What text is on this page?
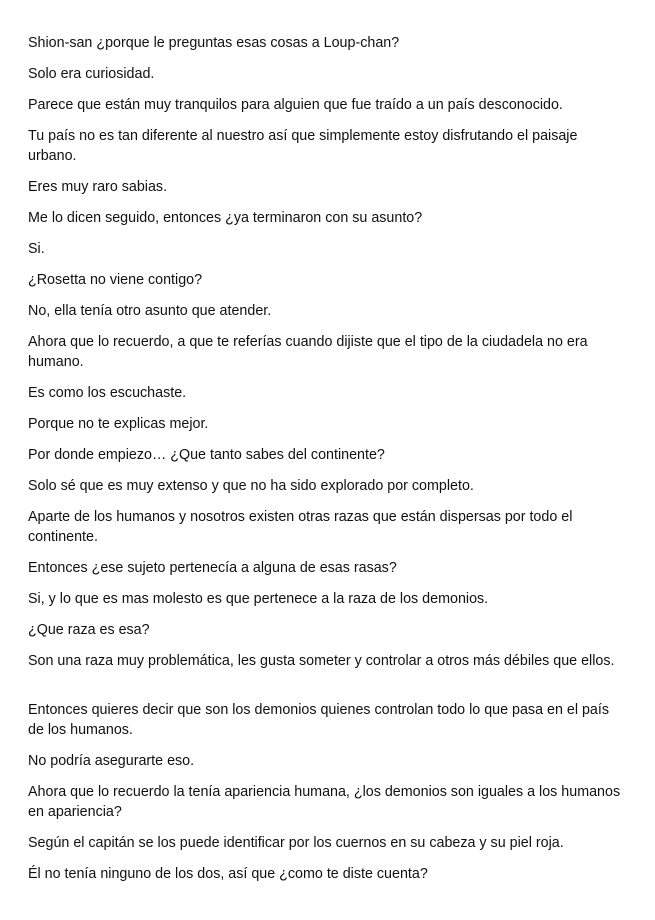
Shion-san ¿porque le preguntas esas cosas a Loup-chan?

Solo era curiosidad.

Parece que están muy tranquilos para alguien que fue traído a un país desconocido.

Tu país no es tan diferente al nuestro así que simplemente estoy disfrutando el paisaje urbano.

Eres muy raro sabias.

Me lo dicen seguido, entonces ¿ya terminaron con su asunto?

Si.

¿Rosetta no viene contigo?

No, ella tenía otro asunto que atender.

Ahora que lo recuerdo, a que te referías cuando dijiste que el tipo de la ciudadela no era humano.

Es como los escuchaste.

Porque no te explicas mejor.

Por donde empiezo… ¿Que tanto sabes del continente?

Solo sé que es muy extenso y que no ha sido explorado por completo.

Aparte de los humanos y nosotros existen otras razas que están dispersas por todo el continente.

Entonces ¿ese sujeto pertenecía a alguna de esas rasas?

Si, y lo que es mas molesto es que pertenece a la raza de los demonios.

¿Que raza es esa?

Son una raza muy problemática, les gusta someter y controlar a otros más débiles que ellos.

Entonces quieres decir que son los demonios quienes controlan todo lo que pasa en el país de los humanos.

No podría asegurarte eso.

Ahora que lo recuerdo la tenía apariencia humana, ¿los demonios son iguales a los humanos en apariencia?

Según el capitán se los puede identificar por los cuernos en su cabeza y su piel roja.

Él no tenía ninguno de los dos, así que ¿como te diste cuenta?
